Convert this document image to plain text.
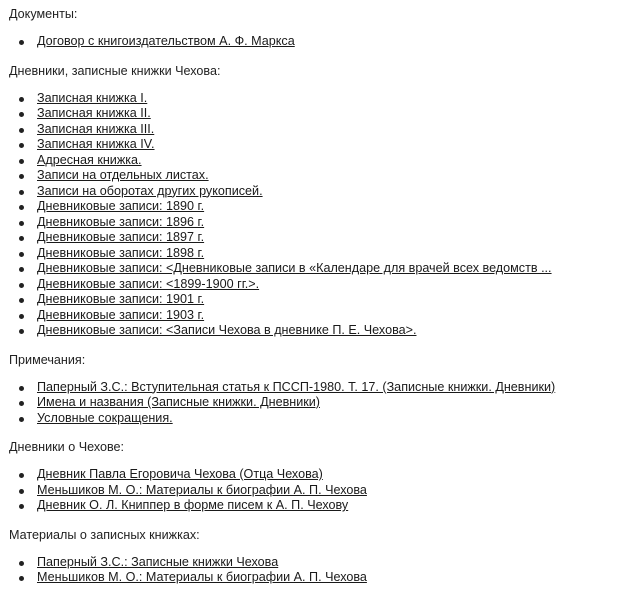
Документы:
Договор с книгоиздательством А. Ф. Маркса
Дневники, записные книжки Чехова:
Записная книжка I.
Записная книжка II.
Записная книжка III.
Записная книжка IV.
Адресная книжка.
Записи на отдельных листах.
Записи на оборотах других рукописей.
Дневниковые записи: 1890 г.
Дневниковые записи: 1896 г.
Дневниковые записи: 1897 г.
Дневниковые записи: 1898 г.
Дневниковые записи: <Дневниковые записи в «Календаре для врачей всех ведомств ...
Дневниковые записи: <1899-1900 гг.>.
Дневниковые записи: 1901 г.
Дневниковые записи: 1903 г.
Дневниковые записи: <Записи Чехова в дневнике П. Е. Чехова>.
Примечания:
Паперный З.С.: Вступительная статья к ПССП-1980. Т. 17. (Записные книжки. Дневники)
Имена и названия (Записные книжки. Дневники)
Условные сокращения.
Дневники о Чехове:
Дневник Павла Егоровича Чехова (Отца Чехова)
Меньшиков М. О.: Материалы к биографии А. П. Чехова
Дневник О. Л. Книппер в форме писем к А. П. Чехову
Материалы о записных книжках:
Паперный З.С.: Записные книжки Чехова
Меньшиков М. О.: Материалы к биографии А. П. Чехова
